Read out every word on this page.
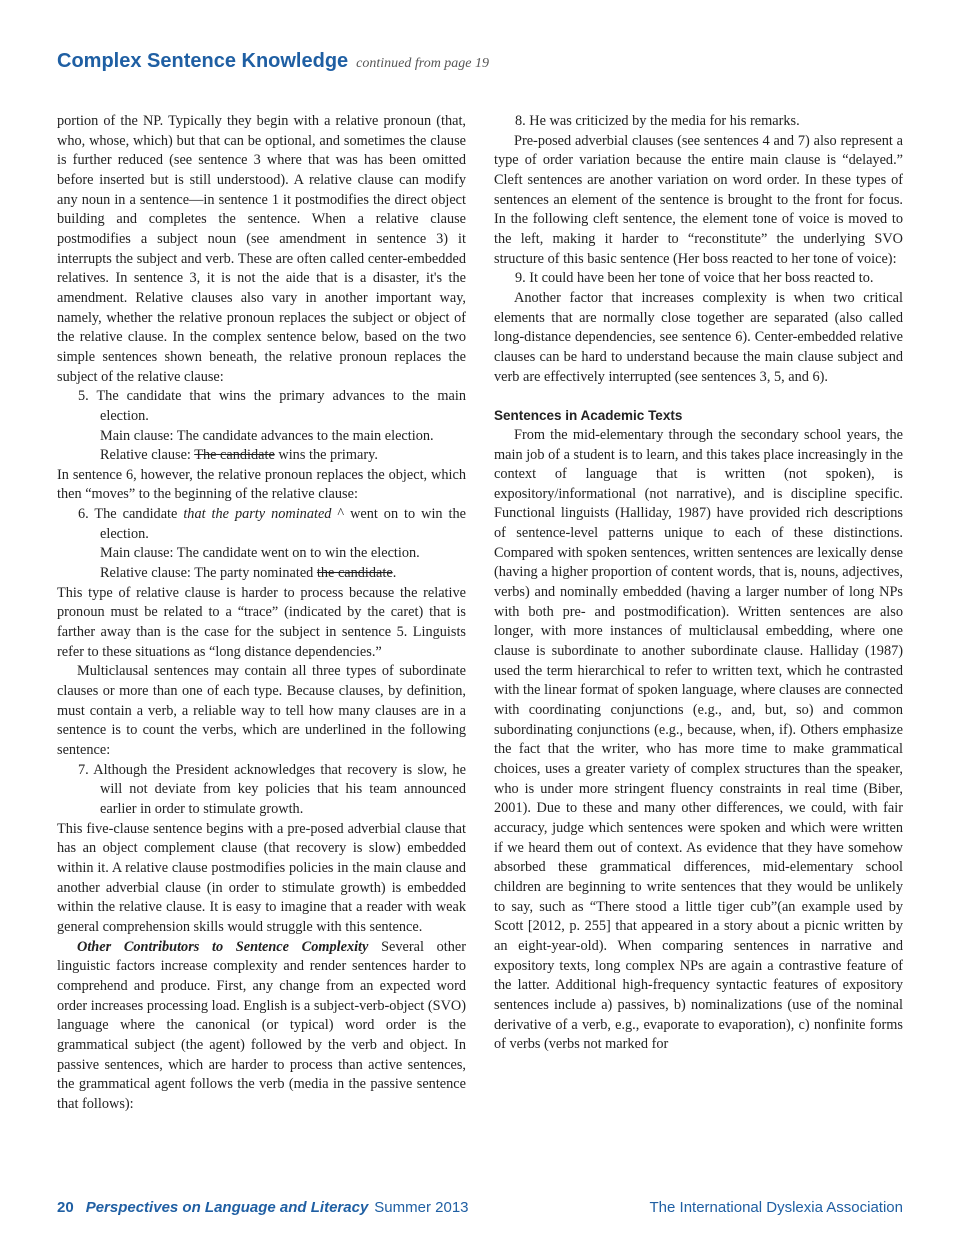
Complex Sentence Knowledge continued from page 19

portion of the NP. Typically they begin with a relative pronoun (that, who, whose, which) but that can be optional, and sometimes the clause is further reduced (see sentence 3 where that was has been omitted before inserted but is still understood). A relative clause can modify any noun in a sentence—in sentence 1 it postmodifies the direct object building and completes the sentence. When a relative clause postmodifies a subject noun (see amendment in sentence 3) it interrupts the subject and verb. These are often called center-embedded relatives. In sentence 3, it is not the aide that is a disaster, it's the amendment. Relative clauses also vary in another important way, namely, whether the relative pronoun replaces the subject or object of the relative clause. In the complex sentence below, based on the two simple sentences shown beneath, the relative pronoun replaces the subject of the relative clause:

5. The candidate that wins the primary advances to the main election.

Main clause: The candidate advances to the main election.

Relative clause: The candidate wins the primary.

In sentence 6, however, the relative pronoun replaces the object, which then “moves” to the beginning of the relative clause:

6. The candidate that the party nominated ^ went on to win the election.

Main clause: The candidate went on to win the election.

Relative clause: The party nominated the candidate.

This type of relative clause is harder to process because the relative pronoun must be related to a “trace” (indicated by the caret) that is farther away than is the case for the subject in sentence 5. Linguists refer to these situations as “long distance dependencies.”

Multiclausal sentences may contain all three types of subordinate clauses or more than one of each type. Because clauses, by definition, must contain a verb, a reliable way to tell how many clauses are in a sentence is to count the verbs, which are underlined in the following sentence:

7. Although the President acknowledges that recovery is slow, he will not deviate from key policies that his team announced earlier in order to stimulate growth.

This five-clause sentence begins with a pre-posed adverbial clause that has an object complement clause (that recovery is slow) embedded within it. A relative clause postmodifies policies in the main clause and another adverbial clause (in order to stimulate growth) is embedded within the relative clause. It is easy to imagine that a reader with weak general comprehension skills would struggle with this sentence.

Other Contributors to Sentence Complexity Several other linguistic factors increase complexity and render sentences harder to comprehend and produce. First, any change from an expected word order increases processing load. English is a subject-verb-object (SVO) language where the canonical (or typical) word order is the grammatical subject (the agent) followed by the verb and object. In passive sentences, which are harder to process than active sentences, the grammatical agent follows the verb (media in the passive sentence that follows):

8. He was criticized by the media for his remarks.

Pre-posed adverbial clauses (see sentences 4 and 7) also represent a type of order variation because the entire main clause is “delayed.” Cleft sentences are another variation on word order. In these types of sentences an element of the sentence is brought to the front for focus. In the following cleft sentence, the element tone of voice is moved to the left, making it harder to “reconstitute” the underlying SVO structure of this basic sentence (Her boss reacted to her tone of voice):

9. It could have been her tone of voice that her boss reacted to.

Another factor that increases complexity is when two critical elements that are normally close together are separated (also called long-distance dependencies, see sentence 6). Center-embedded relative clauses can be hard to understand because the main clause subject and verb are effectively interrupted (see sentences 3, 5, and 6).

Sentences in Academic Texts

From the mid-elementary through the secondary school years, the main job of a student is to learn, and this takes place increasingly in the context of language that is written (not spoken), is expository/informational (not narrative), and is discipline specific. Functional linguists (Halliday, 1987) have provided rich descriptions of sentence-level patterns unique to each of these distinctions. Compared with spoken sentences, written sentences are lexically dense (having a higher proportion of content words, that is, nouns, adjectives, verbs) and nominally embedded (having a larger number of long NPs with both pre- and postmodification). Written sentences are also longer, with more instances of multiclausal embedding, where one clause is subordinate to another subordinate clause. Halliday (1987) used the term hierarchical to refer to written text, which he contrasted with the linear format of spoken language, where clauses are connected with coordinating conjunctions (e.g., and, but, so) and common subordinating conjunctions (e.g., because, when, if). Others emphasize the fact that the writer, who has more time to make grammatical choices, uses a greater variety of complex structures than the speaker, who is under more stringent fluency constraints in real time (Biber, 2001). Due to these and many other differences, we could, with fair accuracy, judge which sentences were spoken and which were written if we heard them out of context. As evidence that they have somehow absorbed these grammatical differences, mid-elementary school children are beginning to write sentences that they would be unlikely to say, such as “There stood a little tiger cub”(an example used by Scott [2012, p. 255] that appeared in a story about a picnic written by an eight-year-old). When comparing sentences in narrative and expository texts, long complex NPs are again a contrastive feature of the latter. Additional high-frequency syntactic features of expository sentences include a) passives, b) nominalizations (use of the nominal derivative of a verb, e.g., evaporate to evaporation), c) nonfinite forms of verbs (verbs not marked for

20 Perspectives on Language and Literacy Summer 2013	The International Dyslexia Association
